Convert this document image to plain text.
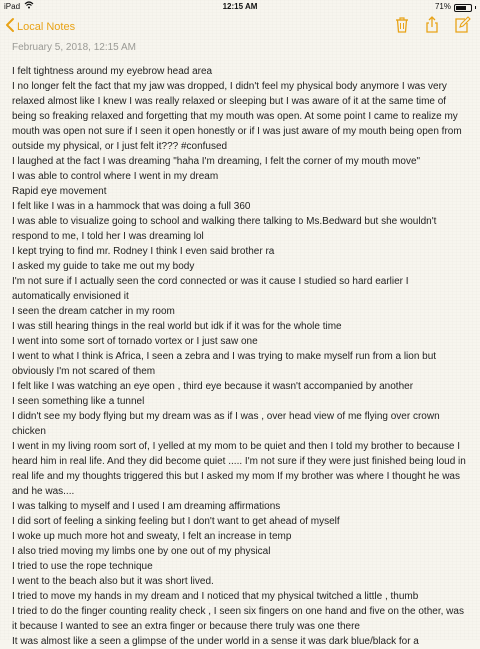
iPad	12:15 AM	71%
Local Notes
February 5, 2018, 12:15 AM

I felt tightness around my eyebrow head area

I no longer felt the fact that my jaw was dropped, I didn't feel my physical body anymore I was very relaxed almost like I knew I was really relaxed or sleeping but I was aware of it at the same time of being so freaking relaxed and forgetting that my mouth was open. At some point I came to realize my mouth was open not sure if I seen it open honestly or if I was just aware of my mouth being open from outside my physical, or I just felt it??? #confused

I laughed at the fact I was dreaming "haha I'm dreaming, I felt the corner of my mouth move"

I was able to control where I went in my dream

Rapid eye movement

I felt like I was in a hammock that was doing a full 360

I was able to visualize going to school and walking there talking to Ms.Bedward but she wouldn't respond to me, I told her I was dreaming lol

I kept trying to find mr. Rodney I think I even said brother ra

I asked my guide to take me out my body

I'm not sure if I actually seen the cord connected or was it cause I studied so hard earlier I automatically envisioned it

I seen the dream catcher in my room

I was still hearing things in the real world but idk if it was for the whole time

I went into some sort of tornado vortex or I just saw one

I went to what I think is Africa, I seen a zebra and I was trying to make myself run from a lion but obviously I'm not scared of them

I felt like I was watching an eye open , third eye because it wasn't accompanied by another

I seen something like a tunnel

I didn't see my body flying but my dream was as if I was , over head view of me flying over crown chicken

I went in my living room sort of, I yelled at my mom to be quiet and then I told my brother to because I heard him in real life. And they did become quiet ..... I'm not sure if they were just finished being loud in real life and my thoughts triggered this but I asked my mom If my brother was where I thought he was and he was....

I was talking to myself and I used I am dreaming affirmations

I did sort of feeling a sinking feeling but I don't want to get ahead of myself

I woke up much more hot and sweaty, I felt an increase in temp

I also tried moving my limbs one by one out of my physical

I tried to use the rope technique

I went to the beach also but it was short lived.

I tried to move my hands in my dream and I noticed that my physical twitched a little , thumb

I tried to do the finger counting reality check , I seen six fingers on one hand and five on the other, was it because I wanted to see an extra finger or because there truly was one there

It was almost like a seen a glimpse of the under world in a sense it was dark blue/black for a
